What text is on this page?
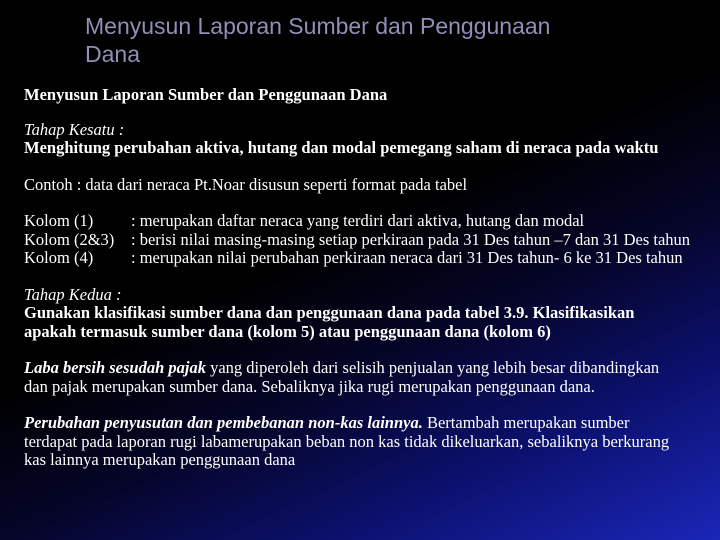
Menyusun Laporan Sumber dan Penggunaan
Dana
Menyusun Laporan Sumber dan Penggunaan Dana
Tahap Kesatu :
Menghitung perubahan aktiva, hutang dan modal pemegang saham di neraca pada waktu
Contoh : data dari neraca Pt.Noar disusun seperti format pada tabel
Kolom (1) : merupakan daftar neraca yang terdiri dari aktiva, hutang dan modal
Kolom (2&3) : berisi nilai masing-masing setiap perkiraan pada 31 Des tahun –7 dan 31 Des tahun
Kolom (4) : merupakan nilai perubahan perkiraan neraca dari 31 Des tahun- 6 ke 31 Des tahun
Tahap Kedua :
Gunakan klasifikasi sumber dana dan penggunaan dana pada tabel 3.9. Klasifikasikan
apakah termasuk sumber dana (kolom 5) atau penggunaan dana (kolom 6)
Laba bersih sesudah pajak yang diperoleh dari selisih penjualan yang lebih besar dibandingkan
dan pajak merupakan sumber dana. Sebaliknya jika rugi merupakan penggunaan dana.
Perubahan penyusutan dan pembebanan non-kas lainnya. Bertambah merupakan sumber
terdapat pada laporan rugi labamerupakan beban non kas tidak dikeluarkan, sebaliknya berkurang
kas lainnya merupakan penggunaan dana
